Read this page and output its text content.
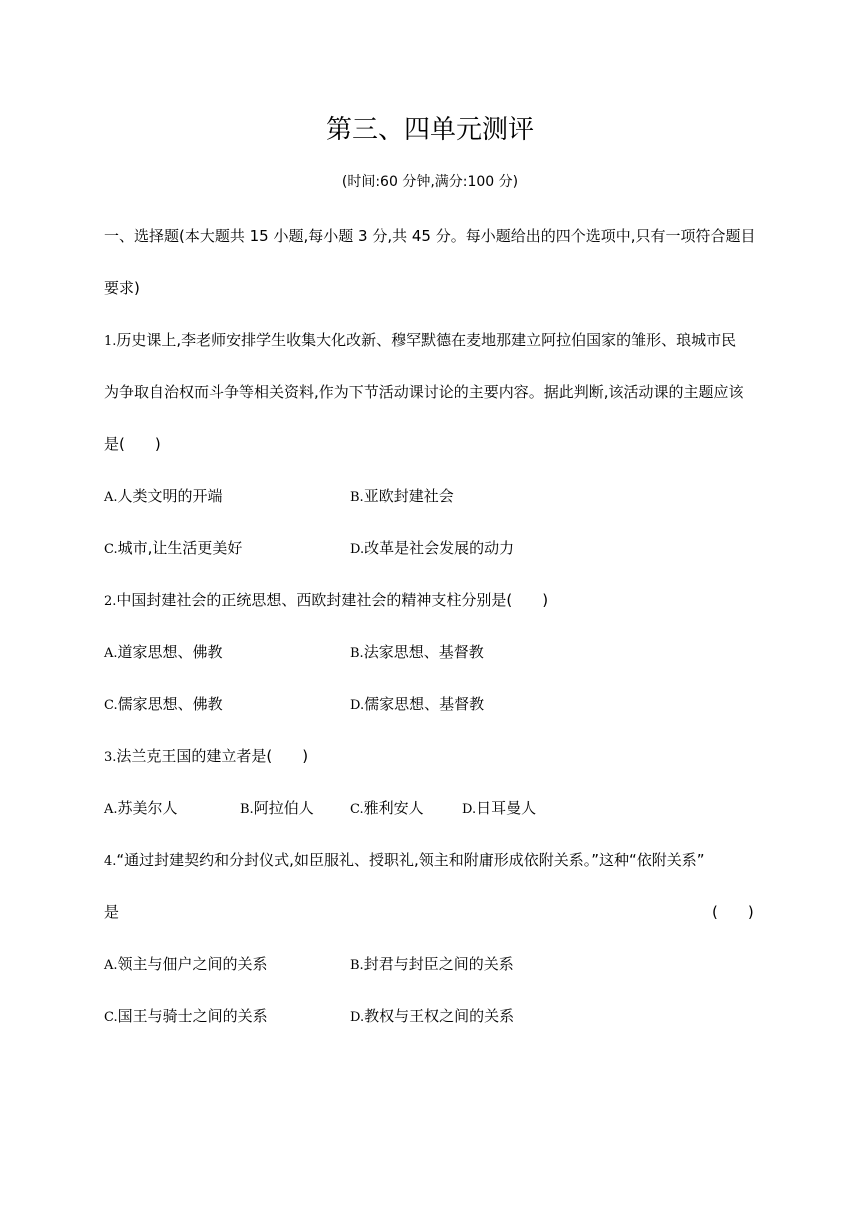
第三、四单元测评
(时间:60 分钟,满分:100 分)
一、选择题(本大题共 15 小题,每小题 3 分,共 45 分。每小题给出的四个选项中,只有一项符合题目
要求)
1.历史课上,李老师安排学生收集大化改新、穆罕默德在麦地那建立阿拉伯国家的雏形、琅城市民
为争取自治权而斗争等相关资料,作为下节活动课讨论的主要内容。据此判断,该活动课的主题应该
是(　　)
A.人类文明的开端	B.亚欧封建社会
C.城市,让生活更美好	D.改革是社会发展的动力
2.中国封建社会的正统思想、西欧封建社会的精神支柱分别是(　　)
A.道家思想、佛教	B.法家思想、基督教
C.儒家思想、佛教	D.儒家思想、基督教
3.法兰克王国的建立者是(　　)
A.苏美尔人	B.阿拉伯人	C.雅利安人	D.日耳曼人
4.“通过封建契约和分封仪式,如臣服礼、授职礼,领主和附庸形成依附关系。”这种“依附关系”
是	(　　)
A.领主与佃户之间的关系	B.封君与封臣之间的关系
C.国王与骑士之间的关系	D.教权与王权之间的关系
